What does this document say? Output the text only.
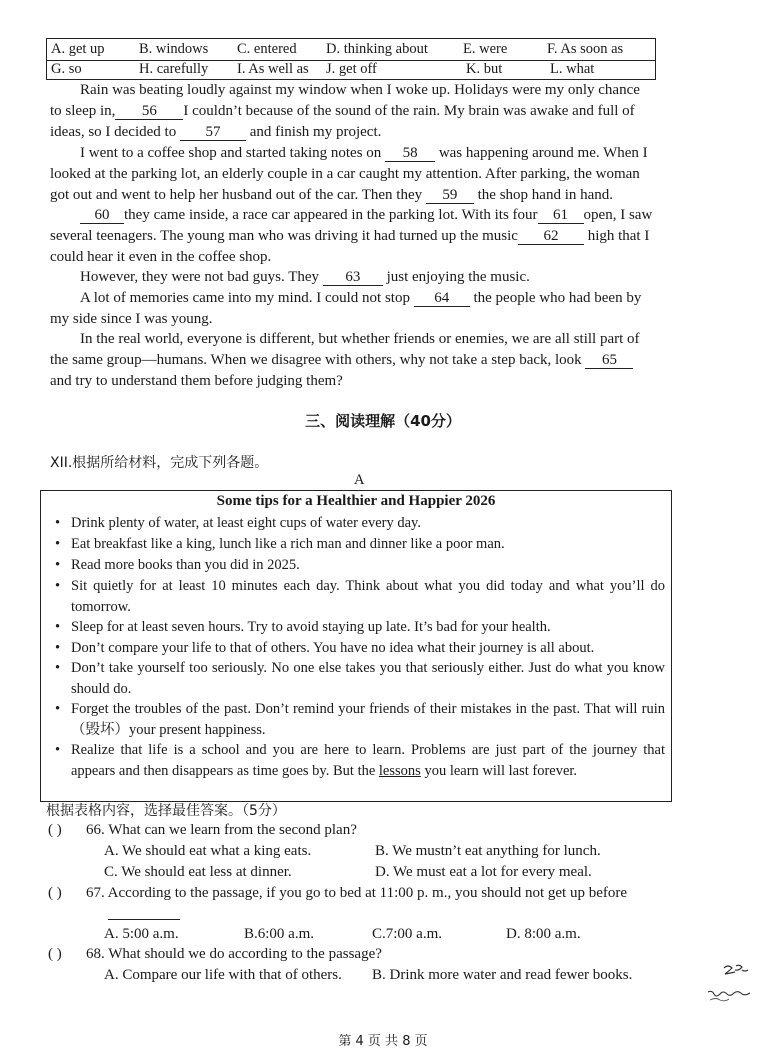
A. get up B. windows C. entered D. thinking about E. were	F. As soon as
G. so	H. carefully I. As well as J. get off	K. but	L. what
Rain was beating loudly against my window when I woke up. Holidays were my only chance
to sleep in, 56 I couldn’t because of the sound of the rain. My brain was awake and full of
ideas, so I decided to 57 and finish my project.
I went to a coffee shop and started taking notes on 58 was happening around me. When I
looked at the parking lot, an elderly couple in a car caught my attention. After parking, the woman
got out and went to help her husband out of the car. Then they 59 the shop hand in hand.
60 they came inside, a race car appeared in the parking lot. With its four 61 open, I saw
several teenagers. The young man who was driving it had turned up the music 62 high that I
could hear it even in the coffee shop.
However, they were not bad guys. They 63 just enjoying the music.
A lot of memories came into my mind. I could not stop 64 the people who had been by
my side since I was young.
In the real world, everyone is different, but whether friends or enemies, we are all still part of
the same group—humans. When we disagree with others, why not take a step back, look 65
and try to understand them before judging them?
三、阅读理解（40分）
XII.根据所给材料，完成下列各题。
A
Some tips for a Healthier and Happier 2026
• Drink plenty of water, at least eight cups of water every day.
• Eat breakfast like a king, lunch like a rich man and dinner like a poor man.
• Read more books than you did in 2025.
• Sit quietly for at least 10 minutes each day. Think about what you did today and what you’ll do tomorrow.
• Sleep for at least seven hours. Try to avoid staying up late. It’s bad for your health.
• Don’t compare your life to that of others. You have no idea what their journey is all about.
• Don’t take yourself too seriously. No one else takes you that seriously either. Just do what you know should do.
• Forget the troubles of the past. Don’t remind your friends of their mistakes in the past. That will ruin（毁坏）your present happiness.
• Realize that life is a school and you are here to learn. Problems are just part of the journey that appears and then disappears as time goes by. But the lessons you learn will last forever.
根据表格内容，选择最佳答案。（5分）
( ) 66. What can we learn from the second plan?
A. We should eat what a king eats.	B. We mustn’t eat anything for lunch.
C. We should eat less at dinner.	D. We must eat a lot for every meal.
( ) 67. According to the passage, if you go to bed at 11:00 p. m., you should not get up before
A. 5:00 a.m.	B.6:00 a.m.	C.7:00 a.m.	D. 8:00 a.m.
( ) 68. What should we do according to the passage?
A. Compare our life with that of others. B. Drink more water and read fewer books.
第 4 页 共 8 页
